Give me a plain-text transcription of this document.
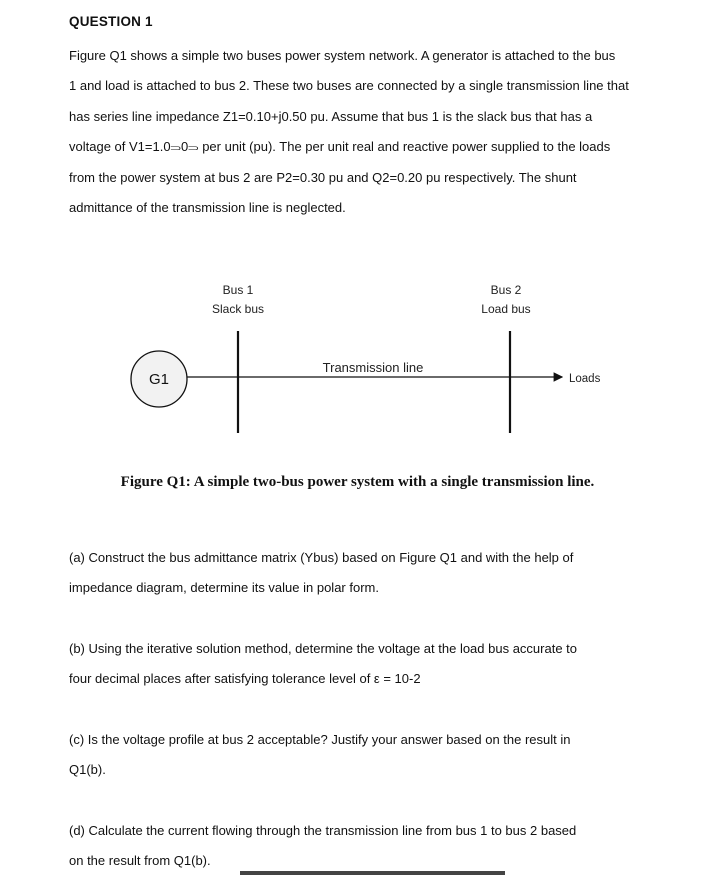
QUESTION 1

Figure Q1 shows a simple two buses power system network. A generator is attached to the bus
1 and load is attached to bus 2. These two buses are connected by a single transmission line that
has series line impedance Z1=0.10+j0.50 pu. Assume that bus 1 is the slack bus that has a
voltage of V1=1.0⥰0⥰ per unit (pu). The per unit real and reactive power supplied to the loads
from the power system at bus 2 are P2=0.30 pu and Q2=0.20 pu respectively. The shunt
admittance of the transmission line is neglected.

G1
Bus 1
Slack bus
Bus 2
Load bus
Transmission line
Loads
Figure Q1: A simple two-bus power system with a single transmission line.

(a) Construct the bus admittance matrix (Ybus) based on Figure Q1 and with the help of
impedance diagram, determine its value in polar form.

(b) Using the iterative solution method, determine the voltage at the load bus accurate to
four decimal places after satisfying tolerance level of ε = 10-2

(c) Is the voltage profile at bus 2 acceptable? Justify your answer based on the result in
Q1(b).

(d) Calculate the current flowing through the transmission line from bus 1 to bus 2 based
on the result from Q1(b).
